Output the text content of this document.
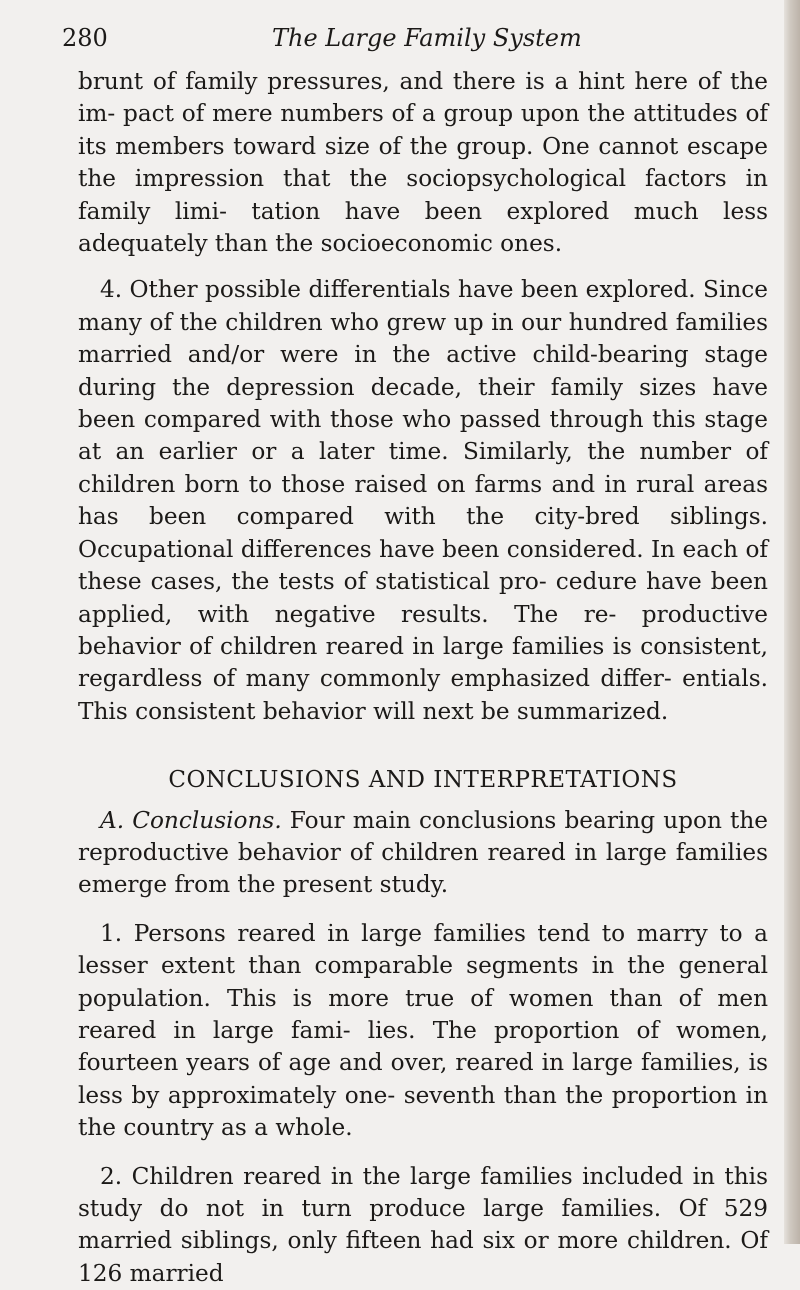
280	The Large Family System

brunt of family pressures, and there is a hint here of the im- pact of mere numbers of a group upon the attitudes of its members toward size of the group. One cannot escape the impression that the sociopsychological factors in family limi- tation have been explored much less adequately than the socioeconomic ones.

4. Other possible differentials have been explored. Since many of the children who grew up in our hundred families married and/or were in the active child-bearing stage during the depression decade, their family sizes have been compared with those who passed through this stage at an earlier or a later time. Similarly, the number of children born to those raised on farms and in rural areas has been compared with the city-bred siblings. Occupational differences have been considered. In each of these cases, the tests of statistical pro- cedure have been applied, with negative results. The re- productive behavior of children reared in large families is consistent, regardless of many commonly emphasized differ- entials. This consistent behavior will next be summarized.

CONCLUSIONS AND INTERPRETATIONS

A. Conclusions. Four main conclusions bearing upon the reproductive behavior of children reared in large families emerge from the present study.

1. Persons reared in large families tend to marry to a lesser extent than comparable segments in the general population. This is more true of women than of men reared in large fami- lies. The proportion of women, fourteen years of age and over, reared in large families, is less by approximately one- seventh than the proportion in the country as a whole.

2. Children reared in the large families included in this study do not in turn produce large families. Of 529 married siblings, only fifteen had six or more children. Of 126 married
